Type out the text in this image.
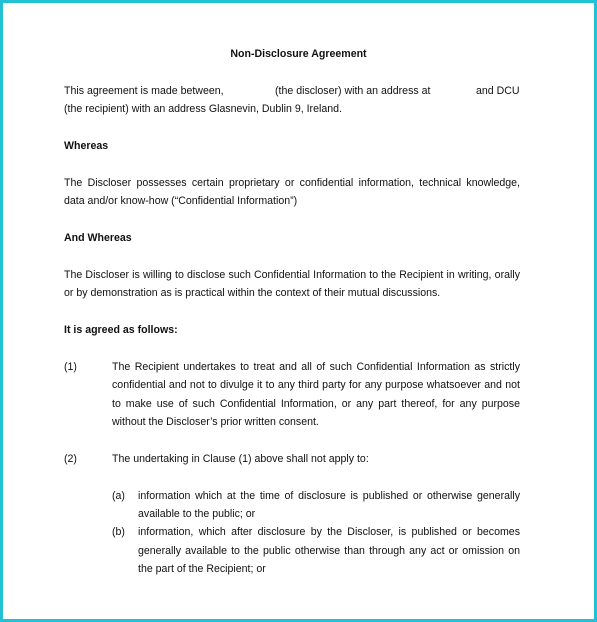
Non-Disclosure Agreement
This agreement is made between,	(the discloser) with an address at	and DCU
(the recipient) with an address Glasnevin, Dublin 9, Ireland.
Whereas
The Discloser possesses certain proprietary or confidential information, technical knowledge,
data and/or know-how (“Confidential Information”)
And Whereas
The Discloser is willing to disclose such Confidential Information to the Recipient in writing, orally
or by demonstration as is practical within the context of their mutual discussions.
It is agreed as follows:
(1)	The Recipient undertakes to treat and all of such Confidential Information as strictly
confidential and not to divulge it to any third party for any purpose whatsoever and not
to make use of such Confidential Information, or any part thereof, for any purpose
without the Discloser’s prior written consent.
(2)	The undertaking in Clause (1) above shall not apply to:
(a) information which at the time of disclosure is published or otherwise generally
available to the public; or
(b) information, which after disclosure by the Discloser, is published or becomes
generally available to the public otherwise than through any act or omission on
the part of the Recipient; or
